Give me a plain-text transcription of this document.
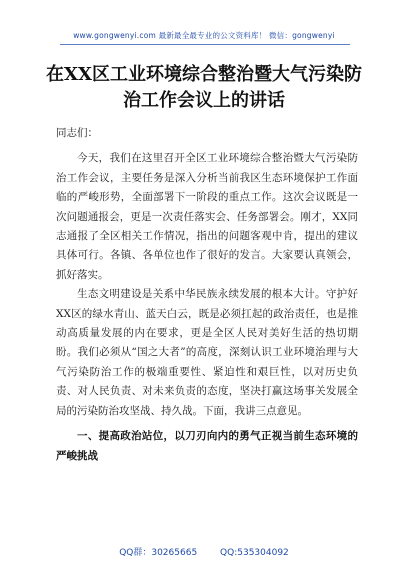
www.gongwenyi.com 最新最全最专业的公文资料库！ 微信：gongwenyi
在XX区工业环境综合整治暨大气污染防
治工作会议上的讲话

同志们：

今天，我们在这里召开全区工业环境综合整治暨大气污染防治工作会议，主要任务是深入分析当前我区生态环境保护工作面临的严峻形势，全面部署下一阶段的重点工作。这次会议既是一次问题通报会，更是一次责任落实会、任务部署会。刚才，XX同志通报了全区相关工作情况，指出的问题客观中肯，提出的建议具体可行。各镇、各单位也作了很好的发言。大家要认真领会，抓好落实。

生态文明建设是关系中华民族永续发展的根本大计。守护好XX区的绿水青山、蓝天白云，既是必须扛起的政治责任，也是推动高质量发展的内在要求，更是全区人民对美好生活的热切期盼。我们必须从“国之大者”的高度，深刻认识工业环境治理与大气污染防治工作的极端重要性、紧迫性和艰巨性，以对历史负责、对人民负责、对未来负责的态度，坚决打赢这场事关发展全局的污染防治攻坚战、持久战。下面，我讲三点意见。

一、提高政治站位，以刀刃向内的勇气正视当前生态环境的严峻挑战

QQ群：30265665	QQ:535304092
